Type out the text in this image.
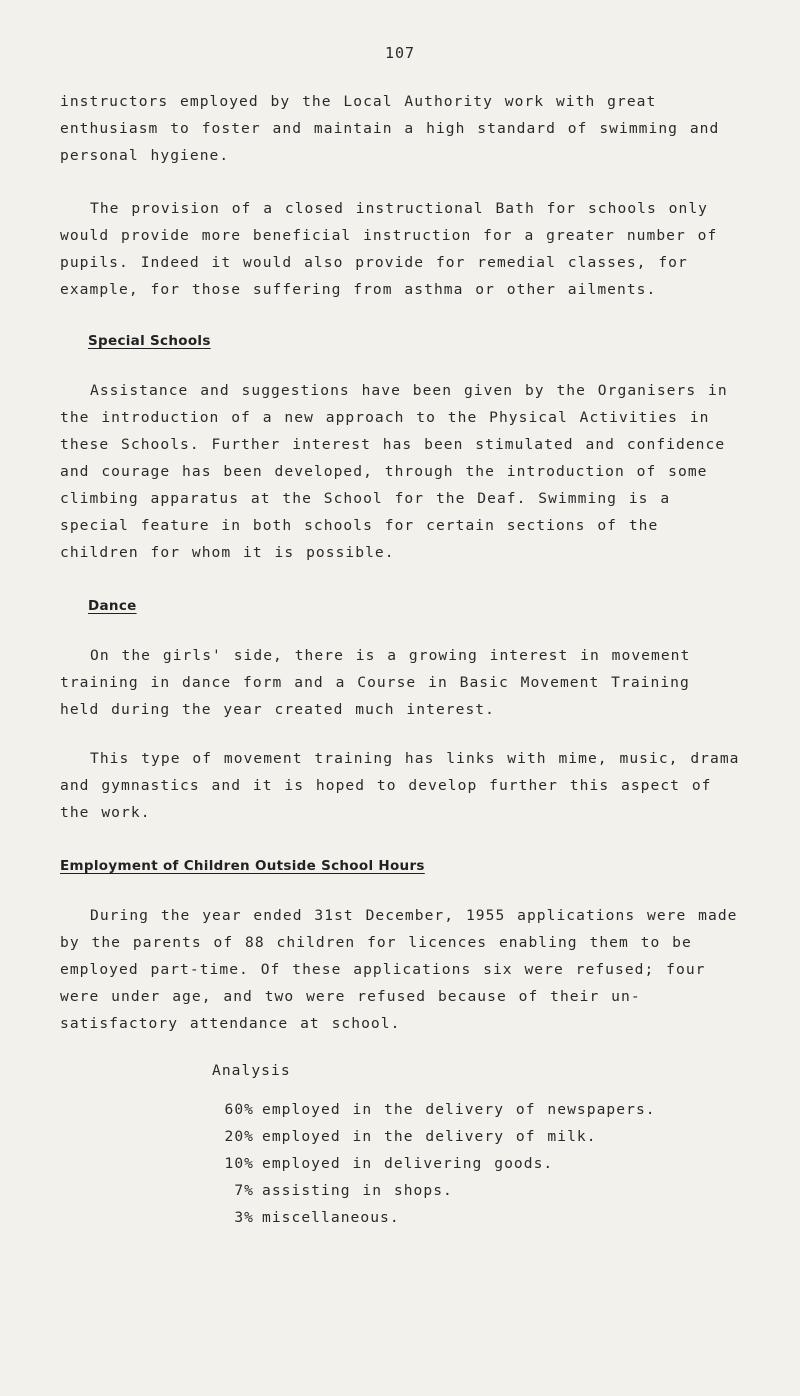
107

instructors employed by the Local Authority work with great enthusiasm to foster and maintain a high standard of swimming and personal hygiene.

The provision of a closed instructional Bath for schools only would provide more beneficial instruction for a greater number of pupils. Indeed it would also provide for remedial classes, for example, for those suffering from asthma or other ailments.

Special Schools

Assistance and suggestions have been given by the Organisers in the introduction of a new approach to the Physical Activities in these Schools. Further interest has been stimulated and confidence and courage has been developed, through the introduction of some climbing apparatus at the School for the Deaf. Swimming is a special feature in both schools for certain sections of the children for whom it is possible.

Dance

On the girls' side, there is a growing interest in movement training in dance form and a Course in Basic Movement Training held during the year created much interest.

This type of movement training has links with mime, music, drama and gymnastics and it is hoped to develop further this aspect of the work.

Employment of Children Outside School Hours

During the year ended 31st December, 1955 applications were made by the parents of 88 children for licences enabling them to be employed part-time. Of these applications six were refused; four were under age, and two were refused because of their un-satisfactory attendance at school.

Analysis
60% employed in the delivery of newspapers.
20% employed in the delivery of milk.
10% employed in delivering goods.
7% assisting in shops.
3% miscellaneous.
